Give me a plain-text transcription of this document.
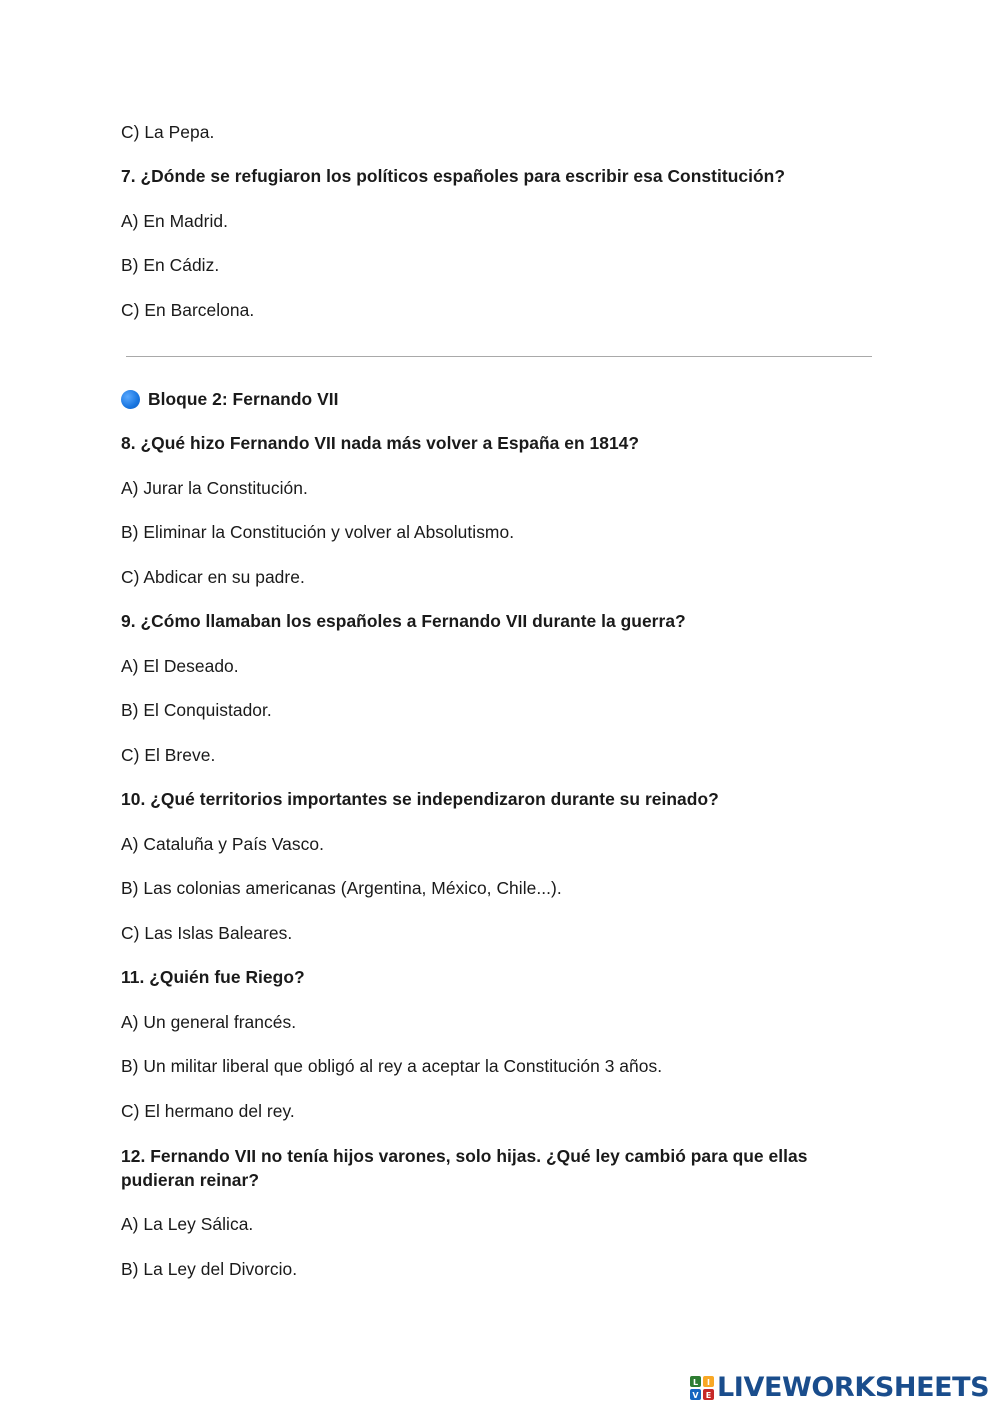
C) La Pepa.
7. ¿Dónde se refugiaron los políticos españoles para escribir esa Constitución?
A) En Madrid.
B) En Cádiz.
C) En Barcelona.
Bloque 2: Fernando VII
8. ¿Qué hizo Fernando VII nada más volver a España en 1814?
A) Jurar la Constitución.
B) Eliminar la Constitución y volver al Absolutismo.
C) Abdicar en su padre.
9. ¿Cómo llamaban los españoles a Fernando VII durante la guerra?
A) El Deseado.
B) El Conquistador.
C) El Breve.
10. ¿Qué territorios importantes se independizaron durante su reinado?
A) Cataluña y País Vasco.
B) Las colonias americanas (Argentina, México, Chile...).
C) Las Islas Baleares.
11. ¿Quién fue Riego?
A) Un general francés.
B) Un militar liberal que obligó al rey a aceptar la Constitución 3 años.
C) El hermano del rey.
12. Fernando VII no tenía hijos varones, solo hijas. ¿Qué ley cambió para que ellas pudieran reinar?
A) La Ley Sálica.
B) La Ley del Divorcio.
L I
V E LIVEWORKSHEETS
